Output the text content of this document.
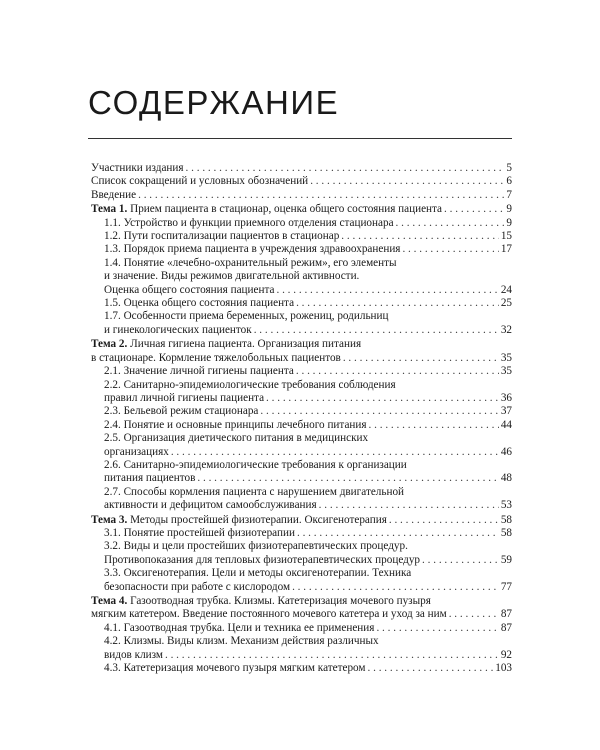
СОДЕРЖАНИЕ
Участники издания . . .	5
Список сокращений и условных обозначений . . .	6
Введение . . .	7
Тема 1. Прием пациента в стационар, оценка общего состояния пациента . . .	9
1.1. Устройство и функции приемного отделения стационара . . .	9
1.2. Пути госпитализации пациентов в стационар . . .	15
1.3. Порядок приема пациента в учреждения здравоохранения . . .	17
1.4. Понятие «лечебно-охранительный режим», его элементы
и значение. Виды режимов двигательной активности.
Оценка общего состояния пациента . . .	24
1.5. Оценка общего состояния пациента . . .	25
1.7. Особенности приема беременных, рожениц, родильниц
и гинекологических пациенток . . .	32
Тема 2. Личная гигиена пациента. Организация питания
в стационаре. Кормление тяжелобольных пациентов . . .	35
2.1. Значение личной гигиены пациента . . .	35
2.2. Санитарно-эпидемиологические требования соблюдения
правил личной гигиены пациента . . .	36
2.3. Бельевой режим стационара . . .	37
2.4. Понятие и основные принципы лечебного питания . . .	44
2.5. Организация диетического питания в медицинских
организациях . . .	46
2.6. Санитарно-эпидемиологические требования к организации
питания пациентов . . .	48
2.7. Способы кормления пациента с нарушением двигательной
активности и дефицитом самообслуживания . . .	53
Тема 3. Методы простейшей физиотерапии. Оксигенотерапия . . .	58
3.1. Понятие простейшей физиотерапии . . .	58
3.2. Виды и цели простейших физиотерапевтических процедур.
Противопоказания для тепловых физиотерапевтических процедур . . .	59
3.3. Оксигенотерапия. Цели и методы оксигенотерапии. Техника
безопасности при работе с кислородом . . .	77
Тема 4. Газоотводная трубка. Клизмы. Катетеризация мочевого пузыря
мягким катетером. Введение постоянного мочевого катетера и уход за ним . . .	87
4.1. Газоотводная трубка. Цели и техника ее применения . . .	87
4.2. Клизмы. Виды клизм. Механизм действия различных
видов клизм . . .	92
4.3. Катетеризация мочевого пузыря мягким катетером . . .	103
